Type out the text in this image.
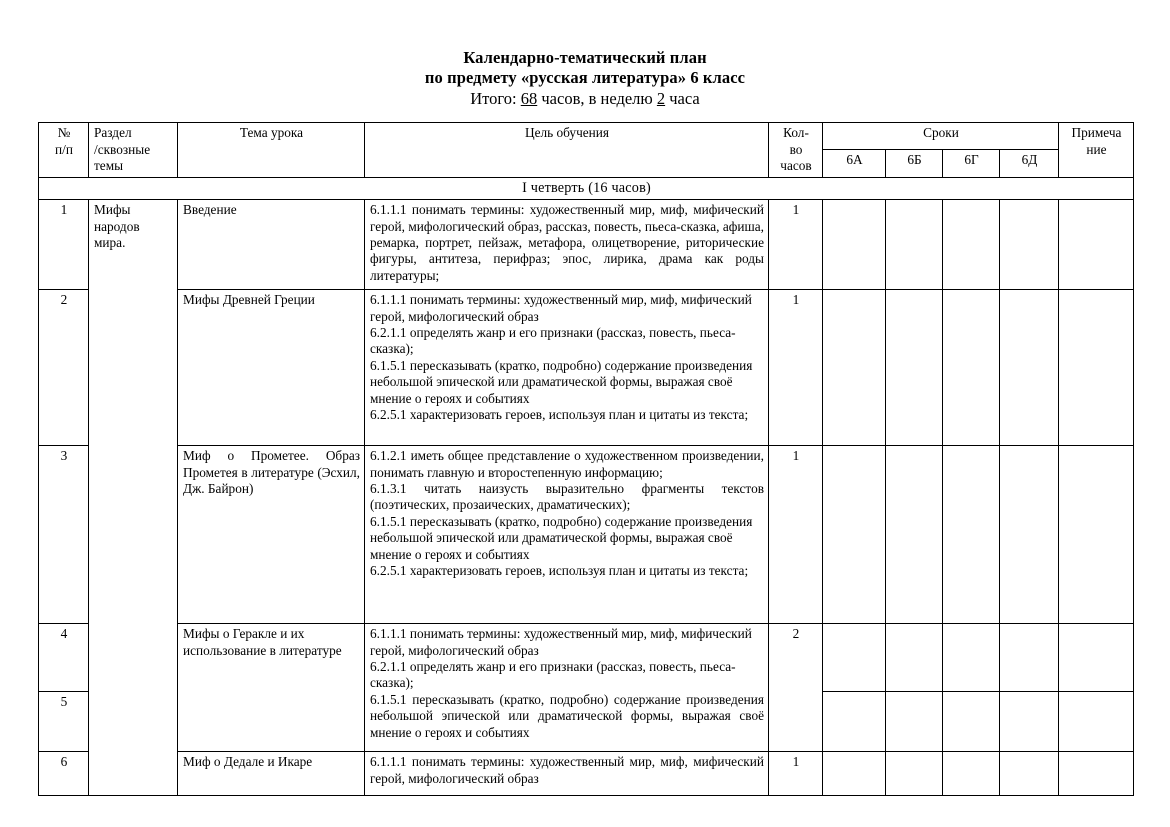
Календарно-тематический план
по предмету «русская литература» 6 класс
Итого: 68 часов, в неделю 2 часа
№
п/п	Раздел
/сквозные
темы	Тема урока	Цель обучения	Кол-
во
часов	Сроки				Примеча
ние
					6А	6Б	6Г	6Д	
I четверть (16 часов)									
1	Мифы народов мира.	Введение	6.1.1.1 понимать термины: художественный мир, миф, мифический герой, мифологический образ, рассказ, повесть, пьеса-сказка, афиша, ремарка, портрет, пейзаж, метафора, олицетворение, риторические фигуры, антитеза, перифраз; эпос, лирика, драма как роды литературы;	1					
2		Мифы Древней Греции	6.1.1.1 понимать термины: художественный мир, миф, мифический герой, мифологический образ

6.2.1.1 определять жанр и его признаки (рассказ, повесть, пьеса-сказка);

6.1.5.1 пересказывать (кратко, подробно) содержание произведения небольшой эпической или драматической формы, выражая своё мнение о героях и событиях

6.2.5.1 характеризовать героев, используя план и цитаты из текста;	1					
3		Миф о Прометее. Образ Прометея в литературе (Эсхил, Дж. Байрон)	6.1.2.1 иметь общее представление о художественном произведении, понимать главную и второстепенную информацию;

6.1.3.1 читать наизусть выразительно фрагменты текстов (поэтических, прозаических, драматических);

6.1.5.1 пересказывать (кратко, подробно) содержание произведения небольшой эпической или драматической формы, выражая своё мнение о героях и событиях

6.2.5.1 характеризовать героев, используя план и цитаты из текста;	1					
4		Мифы о Геракле и их использование в литературе	6.1.1.1 понимать термины: художественный мир, миф, мифический герой, мифологический образ

6.2.1.1 определять жанр и его признаки (рассказ, повесть, пьеса-сказка);

6.1.5.1 пересказывать (кратко, подробно) содержание произведения небольшой эпической или драматической формы, выражая своё мнение о героях и событиях	2					
5									
6		Миф о Дедале и Икаре	6.1.1.1 понимать термины: художественный мир, миф, мифический герой, мифологический образ	1					
